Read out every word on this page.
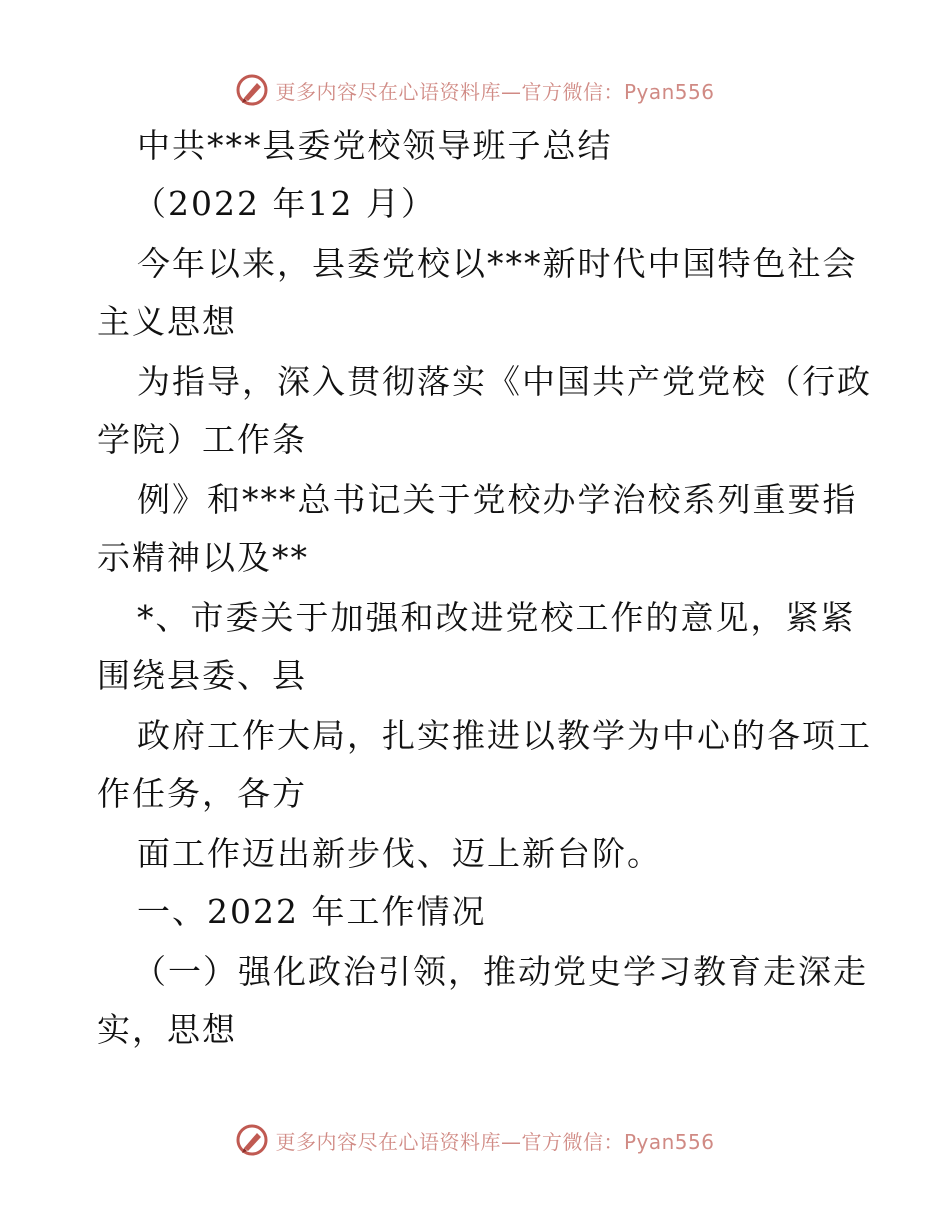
更多内容尽在心语资料库—官方微信：Pyan556
中共***县委党校领导班子总结
（2022 年12 月）
今年以来，县委党校以***新时代中国特色社会
主义思想
为指导，深入贯彻落实《中国共产党党校（行政
学院）工作条
例》和***总书记关于党校办学治校系列重要指
示精神以及**
*、市委关于加强和改进党校工作的意见，紧紧
围绕县委、县
政府工作大局，扎实推进以教学为中心的各项工
作任务，各方
面工作迈出新步伐、迈上新台阶。
一、2022 年工作情况
（一）强化政治引领，推动党史学习教育走深走
实，思想
更多内容尽在心语资料库—官方微信：Pyan556
